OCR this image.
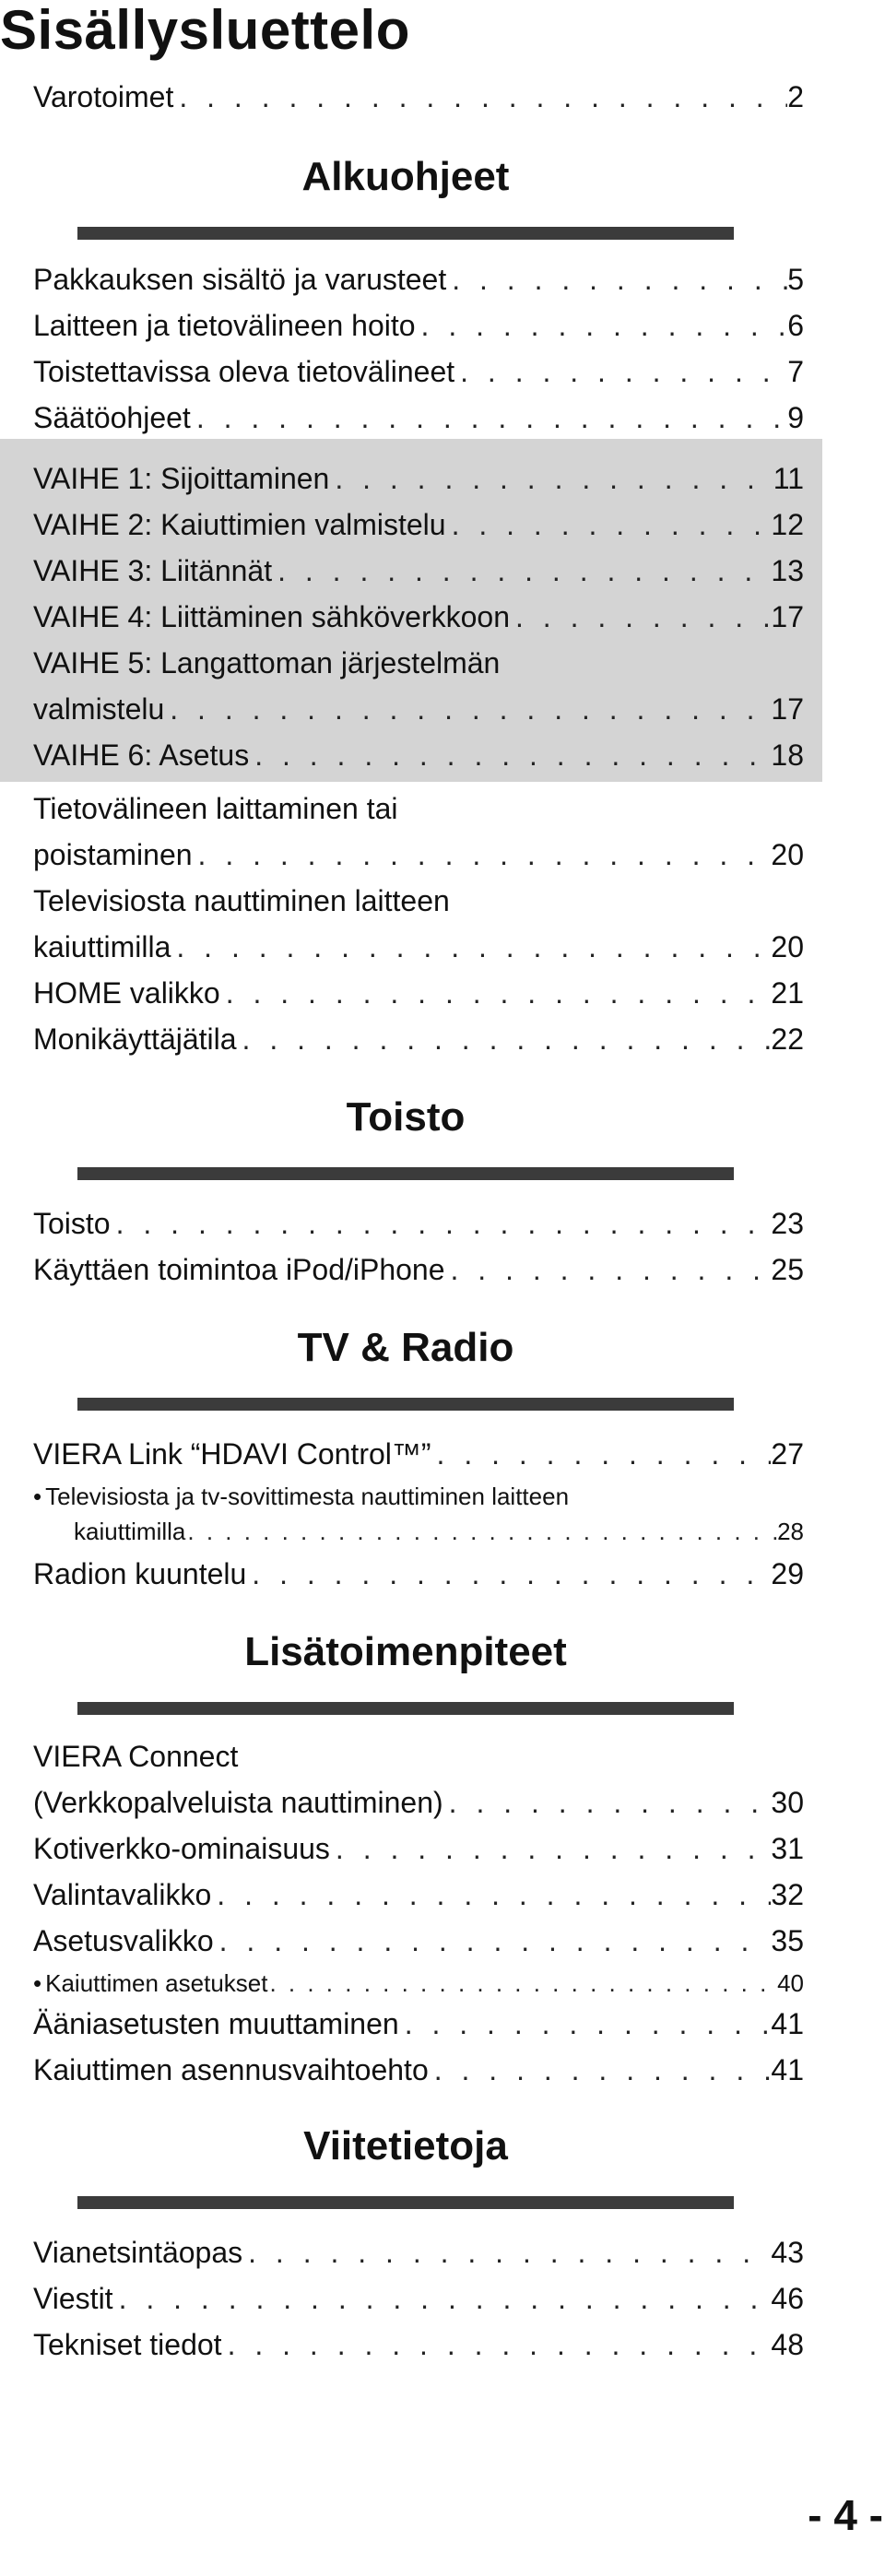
Sisällysluettelo
Varotoimet . . .	2
Alkuohjeet
Pakkauksen sisältö ja varusteet . . .	5
Laitteen ja tietovälineen hoito . . .	6
Toistettavissa oleva tietovälineet . . .	7
Säätöohjeet . . .	9
VAIHE 1: Sijoittaminen . . .	11
VAIHE 2: Kaiuttimien valmistelu . . .	12
VAIHE 3: Liitännät . . .	13
VAIHE 4: Liittäminen sähköverkkoon . . .	17
VAIHE 5: Langattoman järjestelmän
valmistelu . . .	17
VAIHE 6: Asetus . . .	18
Tietovälineen laittaminen tai
poistaminen . . .	20
Televisiosta nauttiminen laitteen
kaiuttimilla . . .	20
HOME valikko . . .	21
Monikäyttäjätila . . .	22
Toisto
Toisto . . .	23
Käyttäen toimintoa iPod/iPhone . . .	25
TV & Radio
VIERA Link “HDAVI Control™” . . .	27
• Televisiosta ja tv-sovittimesta nauttiminen laitteen
kaiuttimilla . . .	28
Radion kuuntelu . . .	29
Lisätoimenpiteet
VIERA Connect
(Verkkopalveluista nauttiminen) . . .	30
Kotiverkko-ominaisuus . . .	31
Valintavalikko . . .	32
Asetusvalikko . . .	35
• Kaiuttimen asetukset . . .	40
Ääniasetusten muuttaminen . . .	41
Kaiuttimen asennusvaihtoehto . . .	41
Viitetietoja
Vianetsintäopas . . .	43
Viestit . . .	46
Tekniset tiedot . . .	48
- 4 -
